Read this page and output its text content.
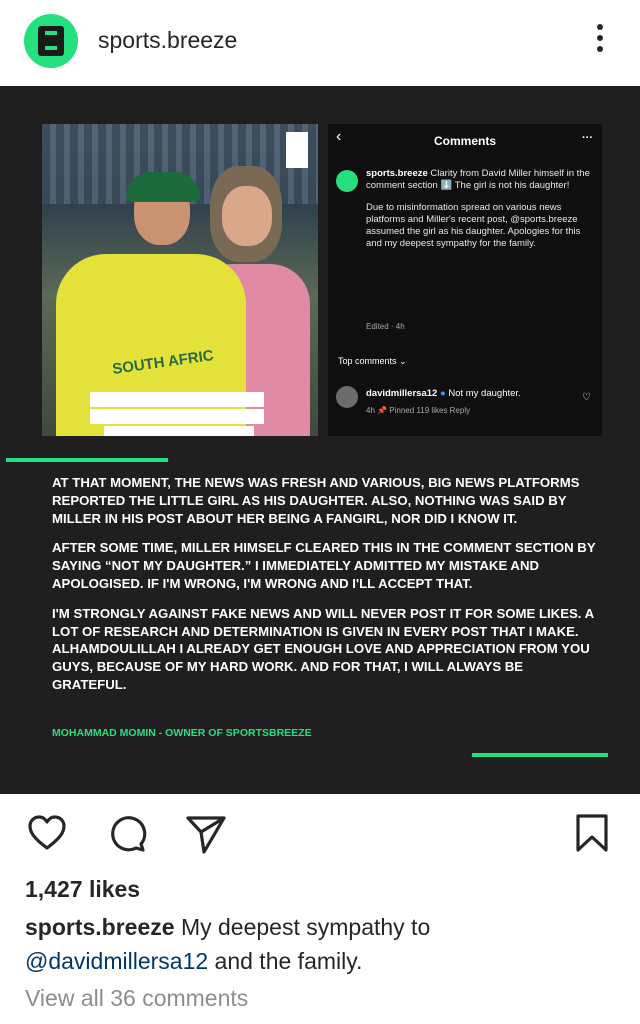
sports.breeze
SOUTH AFRIC
SPORTSBREEZE
‹	Comments	···
sports.breeze Clarity from David Miller himself in the comment section ⬇️ The girl is not his daughter!
Due to misinformation spread on various news platforms and Miller's recent post, @sports.breeze assumed the girl as his daughter. Apologies for this and my deepest sympathy for the family.
Edited · 4h
Top comments ⌄
davidmillersa12 ● Not my daughter.
4h 📌 Pinned 119 likes Reply
♡

AT THAT MOMENT, THE NEWS WAS FRESH AND VARIOUS, BIG NEWS PLATFORMS REPORTED THE LITTLE GIRL AS HIS DAUGHTER. ALSO, NOTHING WAS SAID BY MILLER IN HIS POST ABOUT HER BEING A FANGIRL, NOR DID I KNOW IT.

AFTER SOME TIME, MILLER HIMSELF CLEARED THIS IN THE COMMENT SECTION BY SAYING “NOT MY DAUGHTER.” I IMMEDIATELY ADMITTED MY MISTAKE AND APOLOGISED. IF I'M WRONG, I'M WRONG AND I'LL ACCEPT THAT.

I'M STRONGLY AGAINST FAKE NEWS AND WILL NEVER POST IT FOR SOME LIKES. A LOT OF RESEARCH AND DETERMINATION IS GIVEN IN EVERY POST THAT I MAKE. ALHAMDOULILLAH I ALREADY GET ENOUGH LOVE AND APPRECIATION FROM YOU GUYS, BECAUSE OF MY HARD WORK. AND FOR THAT, I WILL ALWAYS BE GRATEFUL.

MOHAMMAD MOMIN - OWNER OF SPORTSBREEZE
1,427 likes
sports.breeze My deepest sympathy to
@davidmillersa12 and the family.
View all 36 comments
